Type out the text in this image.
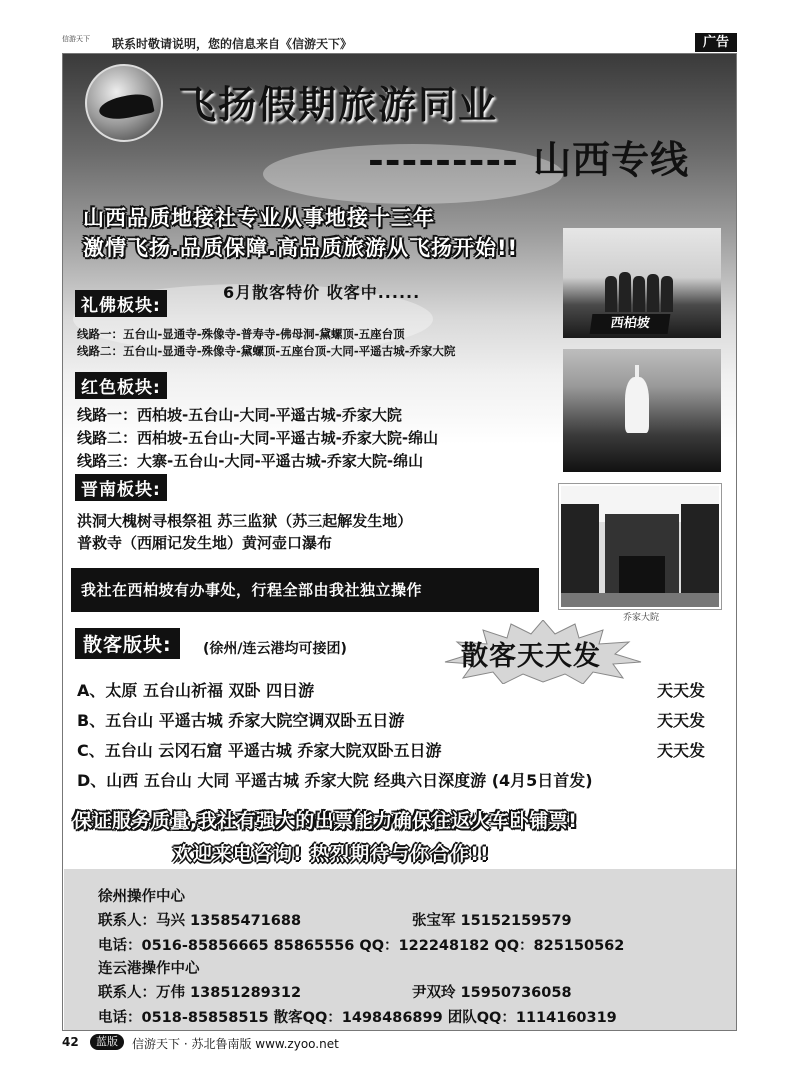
信游天下	联系时敬请说明，您的信息来自《信游天下》	广告
飞扬假期旅游同业
--------- 山西专线
山西品质地接社专业从事地接十三年
激情飞扬.品质保障.高品质旅游从飞扬开始!!
6月散客特价 收客中......
礼佛板块:
线路一：五台山-显通寺-殊像寺-普寿寺-佛母洞-黛螺顶-五座台顶
线路二：五台山-显通寺-殊像寺-黛螺顶-五座台顶-大同-平遥古城-乔家大院
红色板块:
线路一：西柏坡-五台山-大同-平遥古城-乔家大院
线路二：西柏坡-五台山-大同-平遥古城-乔家大院-绵山
线路三：大寨-五台山-大同-平遥古城-乔家大院-绵山
晋南板块:
洪洞大槐树寻根祭祖 苏三监狱（苏三起解发生地）
普救寺（西厢记发生地）黄河壶口瀑布
西柏坡
乔家大院
我社在西柏坡有办事处，行程全部由我社独立操作
散客版块:	(徐州/连云港均可接团)	散客天天发
A、太原 五台山祈福 双卧 四日游	天天发
B、五台山 平遥古城 乔家大院空调双卧五日游	天天发
C、五台山 云冈石窟 平遥古城 乔家大院双卧五日游	天天发
D、山西 五台山 大同 平遥古城 乔家大院 经典六日深度游 (4月5日首发)
保证服务质量,我社有强大的出票能力确保往返火车卧铺票!
欢迎来电咨询! 热烈期待与你合作!!
徐州操作中心
联系人：马兴 13585471688	张宝军 15152159579
电话：0516-85856665 85865556 QQ：122248182 QQ：825150562
连云港操作中心
联系人：万伟 13851289312	尹双玲 15950736058
电话：0518-85858515 散客QQ：1498486899 团队QQ：1114160319
42	蓝版	信游天下 · 苏北鲁南版 www.zyoo.net
